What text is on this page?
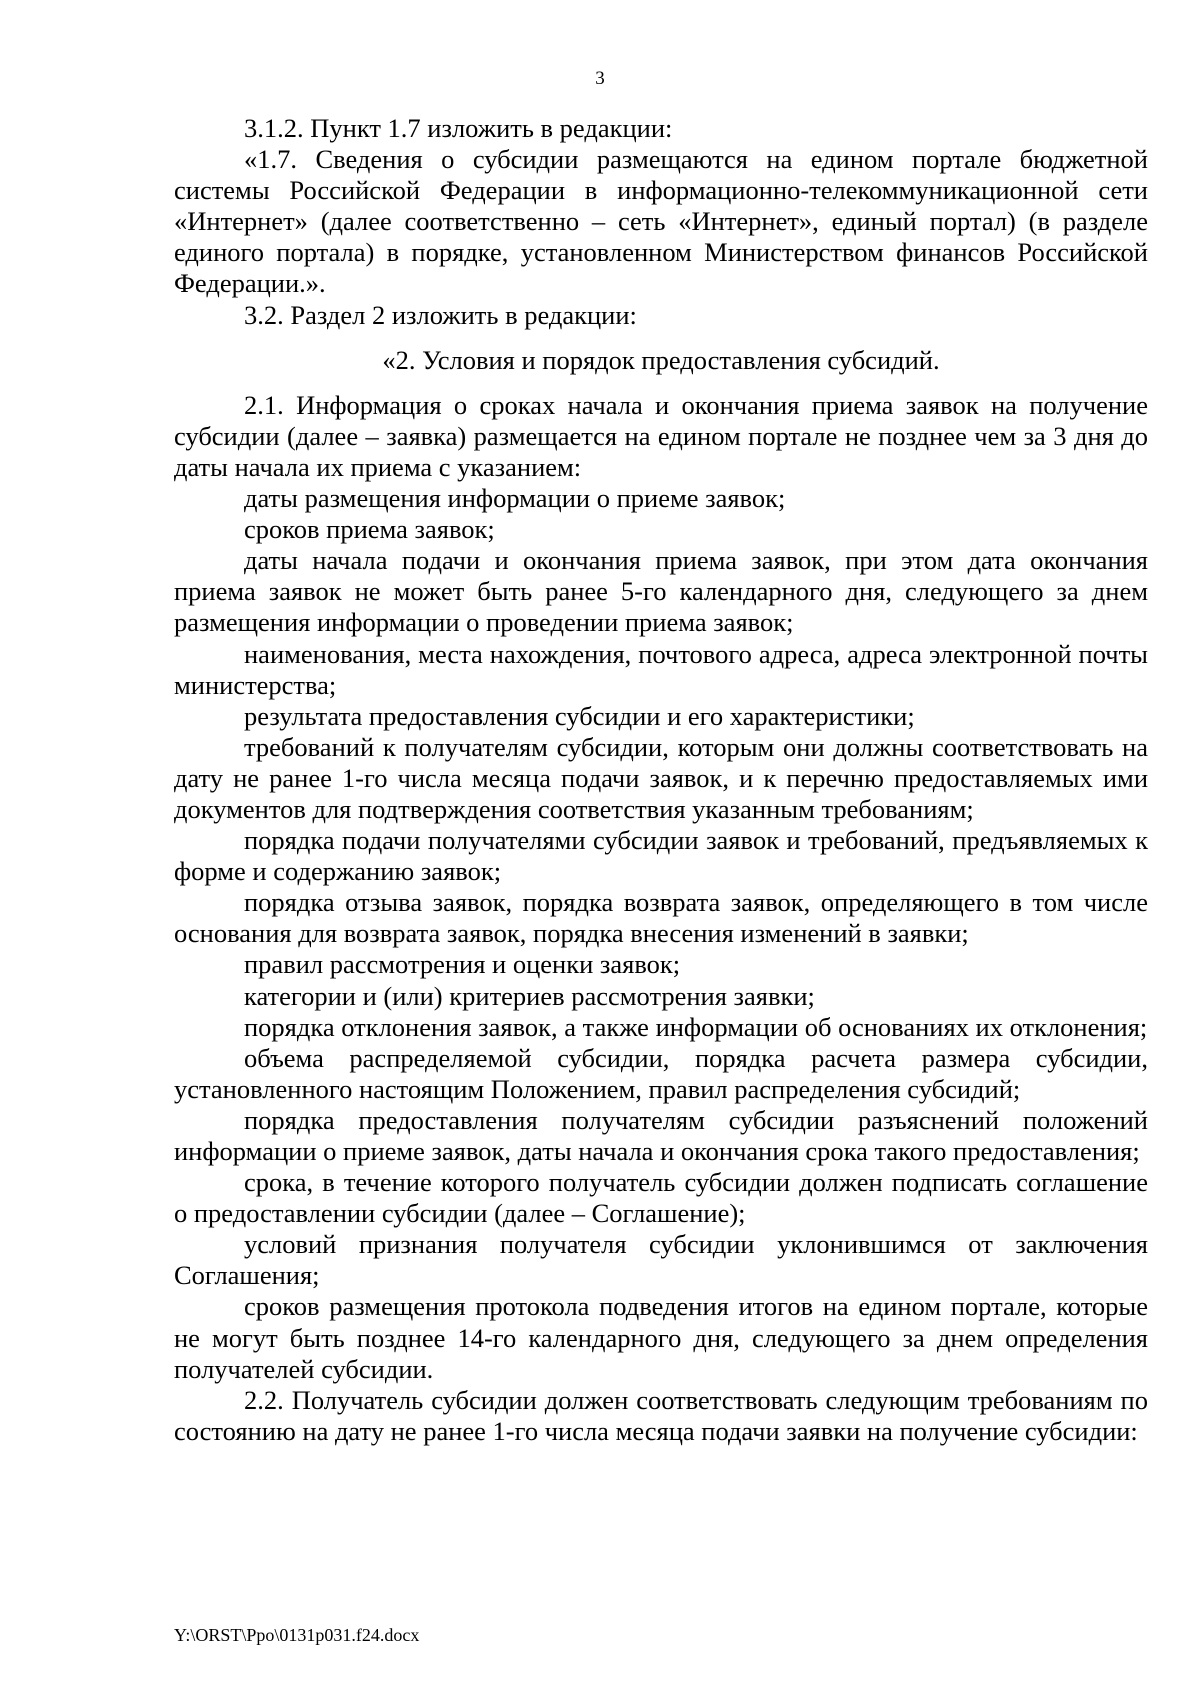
3

3.1.2. Пункт 1.7 изложить в редакции:

«1.7. Сведения о субсидии размещаются на едином портале бюджетной системы Российской Федерации в информационно-телекоммуникационной сети «Интернет» (далее соответственно – сеть «Интернет», единый портал) (в разделе единого портала) в порядке, установленном Министерством финансов Российской Федерации.».

3.2. Раздел 2 изложить в редакции:

«2. Условия и порядок предоставления субсидий.

2.1. Информация о сроках начала и окончания приема заявок на получение субсидии (далее – заявка) размещается на едином портале не позднее чем за 3 дня до даты начала их приема с указанием:

даты размещения информации о приеме заявок;

сроков приема заявок;

даты начала подачи и окончания приема заявок, при этом дата окончания приема заявок не может быть ранее 5-го календарного дня, следующего за днем размещения информации о проведении приема заявок;

наименования, места нахождения, почтового адреса, адреса электронной почты министерства;

результата предоставления субсидии и его характеристики;

требований к получателям субсидии, которым они должны соответствовать на дату не ранее 1-го числа месяца подачи заявок, и к перечню предоставляемых ими документов для подтверждения соответствия указанным требованиям;

порядка подачи получателями субсидии заявок и требований, предъявляемых к форме и содержанию заявок;

порядка отзыва заявок, порядка возврата заявок, определяющего в том числе основания для возврата заявок, порядка внесения изменений в заявки;

правил рассмотрения и оценки заявок;

категории и (или) критериев рассмотрения заявки;

порядка отклонения заявок, а также информации об основаниях их отклонения;

объема распределяемой субсидии, порядка расчета размера субсидии, установленного настоящим Положением, правил распределения субсидий;

порядка предоставления получателям субсидии разъяснений положений информации о приеме заявок, даты начала и окончания срока такого предоставления;

срока, в течение которого получатель субсидии должен подписать соглашение о предоставлении субсидии (далее – Соглашение);

условий признания получателя субсидии уклонившимся от заключения Соглашения;

сроков размещения протокола подведения итогов на едином портале, которые не могут быть позднее 14-го календарного дня, следующего за днем определения получателей субсидии.

2.2. Получатель субсидии должен соответствовать следующим требованиям по состоянию на дату не ранее 1-го числа месяца подачи заявки на получение субсидии:

Y:\ORST\Ppo\0131p031.f24.docx
